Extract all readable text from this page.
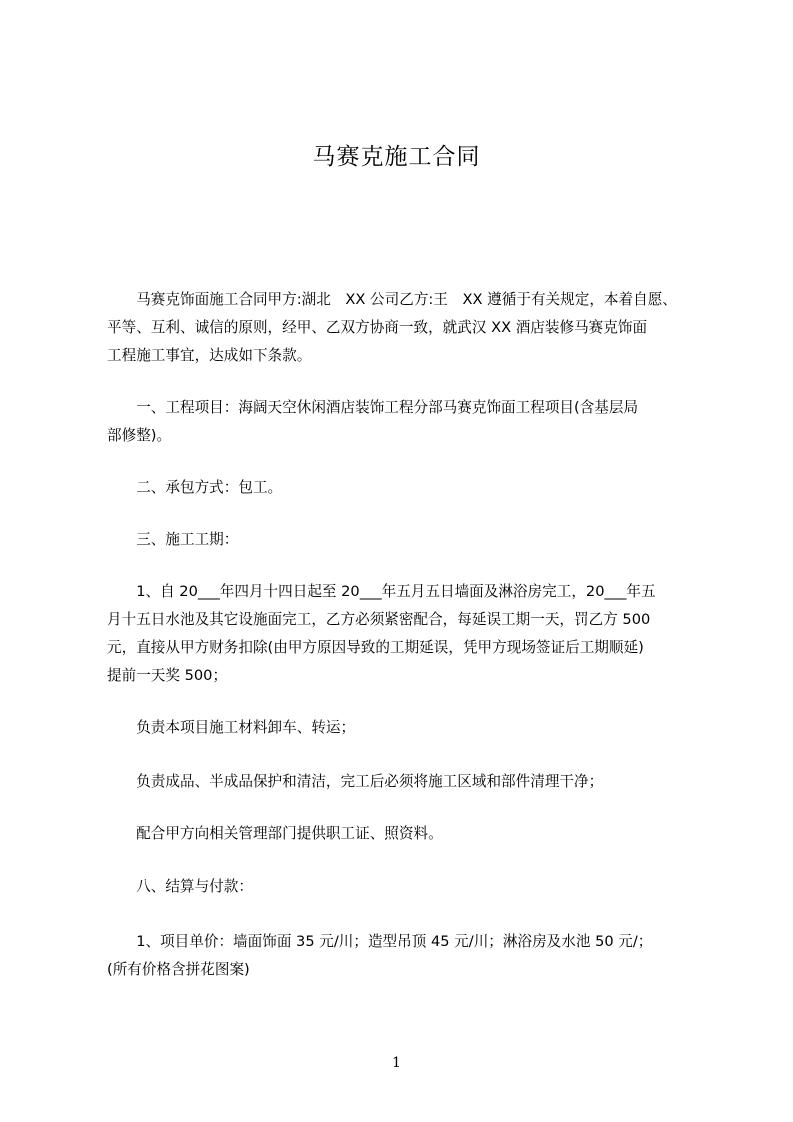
马赛克施工合同
　　马赛克饰面施工合同甲方:湖北　XX 公司乙方:王　XX 遵循于有关规定，本着自愿、
平等、互利、诚信的原则，经甲、乙双方协商一致，就武汉 XX 酒店装修马赛克饰面
工程施工事宜，达成如下条款。
　　一、工程项目：海阔天空休闲酒店装饰工程分部马赛克饰面工程项目(含基层局
部修整)。
　　二、承包方式：包工。
　　三、施工工期：
　　1、自 20___年四月十四日起至 20___年五月五日墙面及淋浴房完工，20___年五
月十五日水池及其它设施面完工，乙方必须紧密配合，每延误工期一天，罚乙方 500
元，直接从甲方财务扣除(由甲方原因导致的工期延误，凭甲方现场签证后工期顺延)
提前一天奖 500；
　　负责本项目施工材料卸车、转运；
　　负责成品、半成品保护和清洁，完工后必须将施工区域和部件清理干净；
　　配合甲方向相关管理部门提供职工证、照资料。
　　八、结算与付款：
　　1、项目单价：墙面饰面 35 元/川；造型吊顶 45 元/川；淋浴房及水池 50 元/；
(所有价格含拼花图案)
1
